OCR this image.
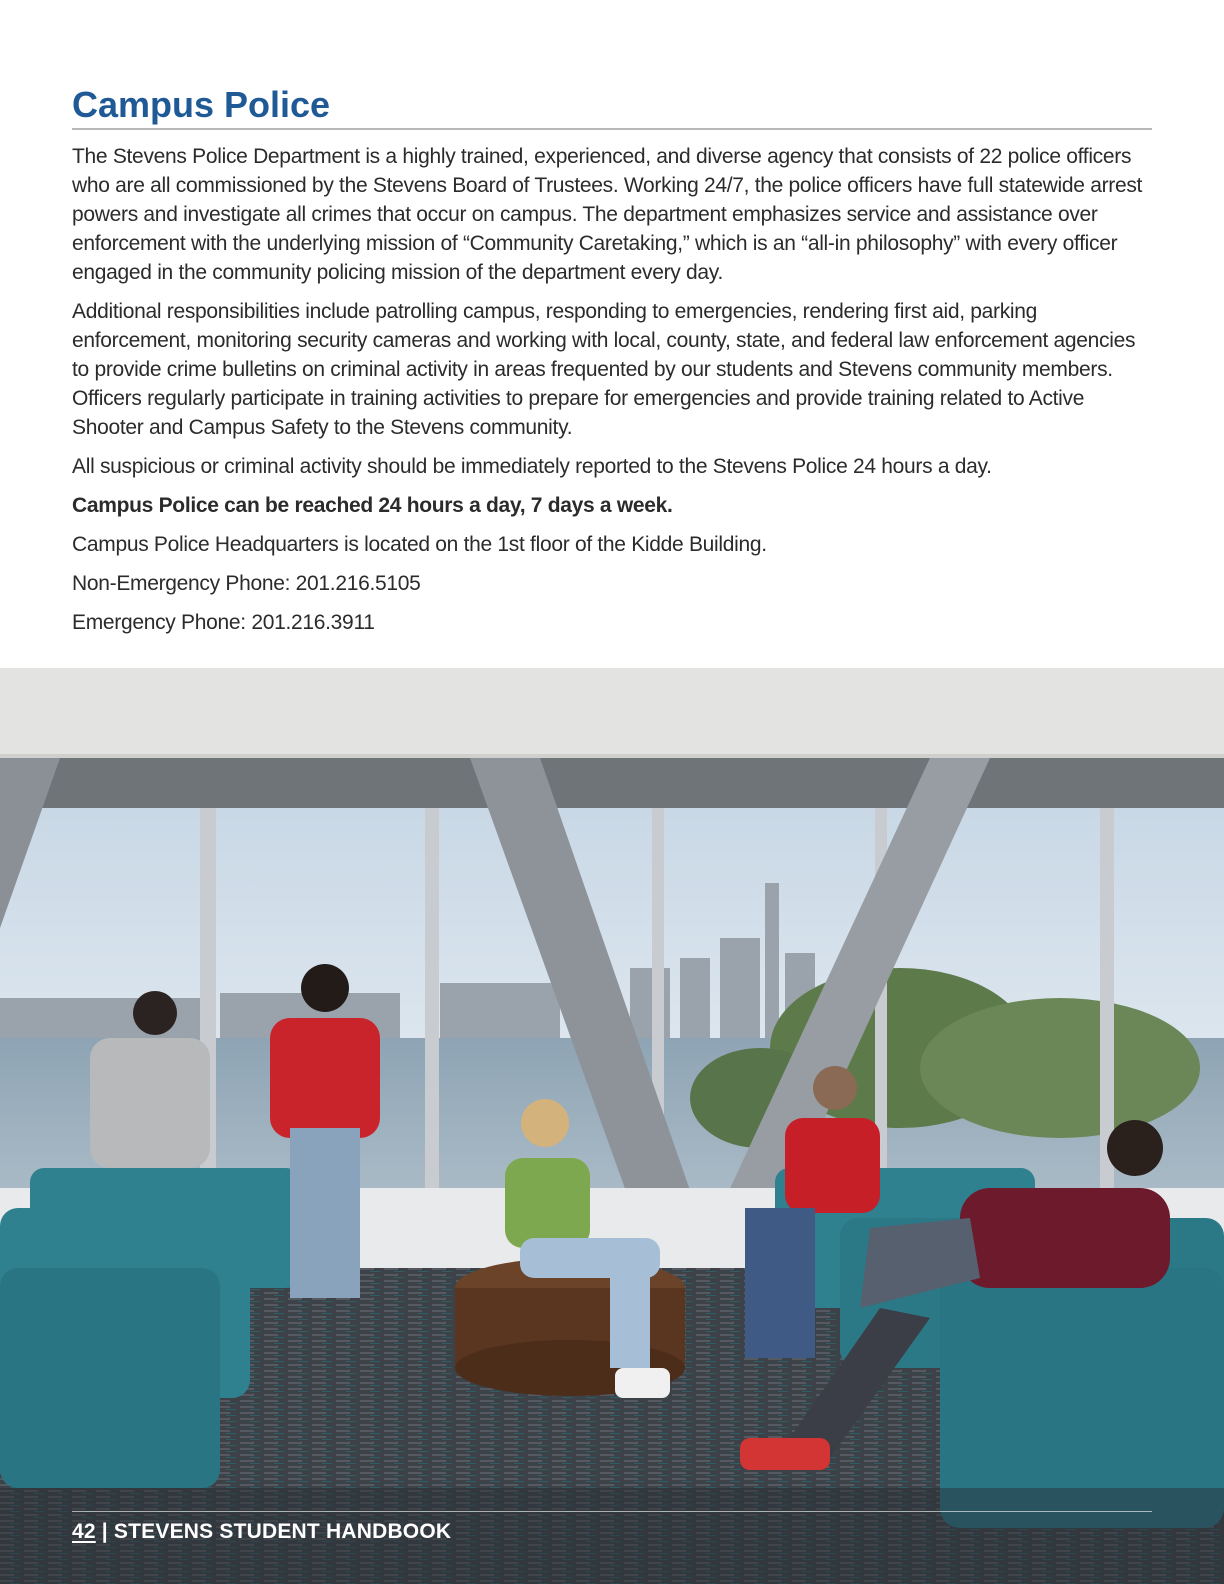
Campus Police

The Stevens Police Department is a highly trained, experienced, and diverse agency that consists of 22 police officers who are all commissioned by the Stevens Board of Trustees. Working 24/7, the police officers have full statewide arrest powers and investigate all crimes that occur on campus. The department emphasizes service and assistance over enforcement with the underlying mission of “Community Caretaking,” which is an “all-in philosophy” with every officer engaged in the community policing mission of the department every day.

Additional responsibilities include patrolling campus, responding to emergencies, rendering first aid, parking enforcement, monitoring security cameras and working with local, county, state, and federal law enforcement agencies to provide crime bulletins on criminal activity in areas frequented by our students and Stevens community members. Officers regularly participate in training activities to prepare for emergencies and provide training related to Active Shooter and Campus Safety to the Stevens community.

All suspicious or criminal activity should be immediately reported to the Stevens Police 24 hours a day.

Campus Police can be reached 24 hours a day, 7 days a week.

Campus Police Headquarters is located on the 1st floor of the Kidde Building.

Non-Emergency Phone: 201.216.5105

Emergency Phone: 201.216.3911

42 | STEVENS STUDENT HANDBOOK
